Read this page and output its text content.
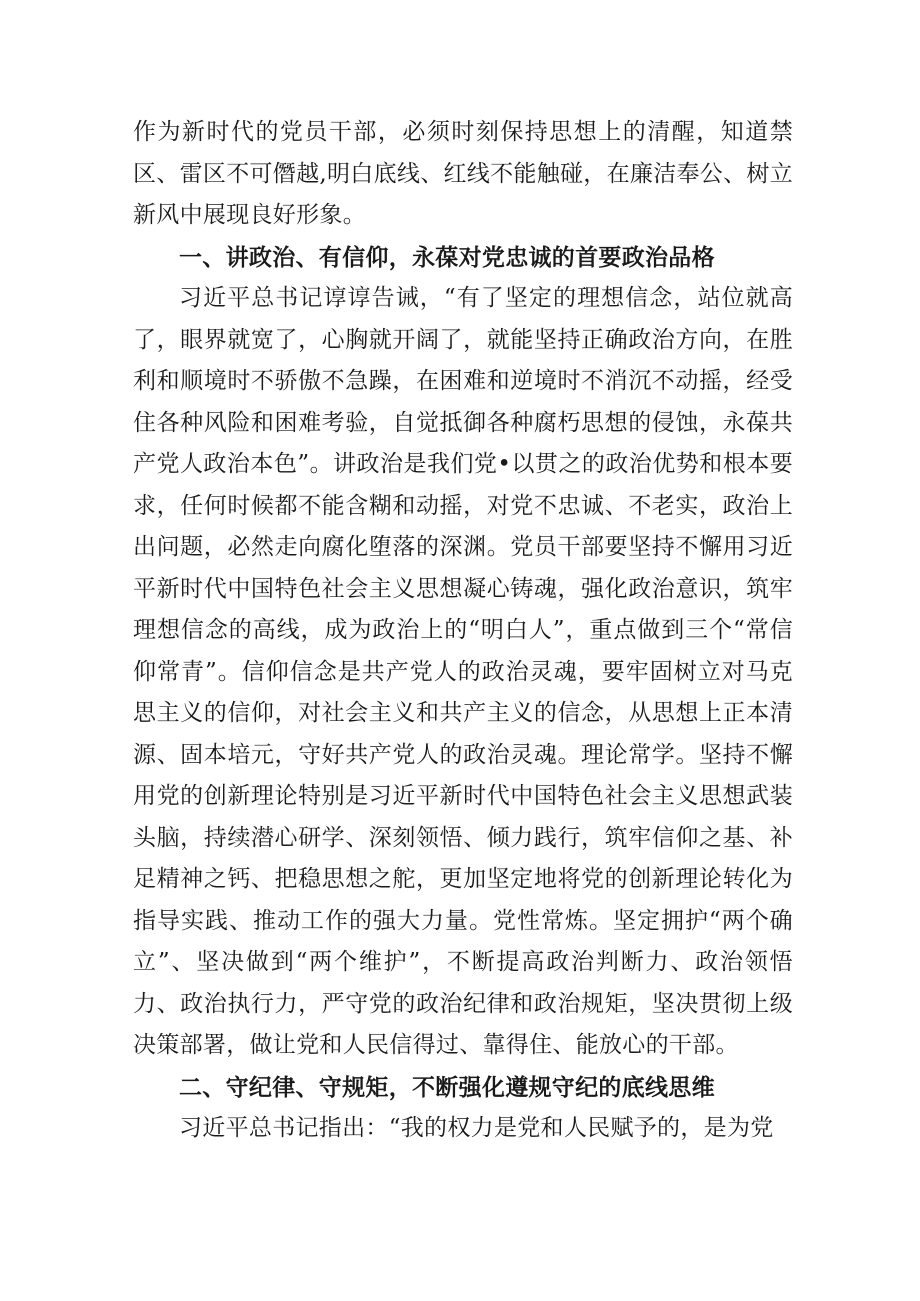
作为新时代的党员干部，必须时刻保持思想上的清醒，知道禁区、雷区不可僭越,明白底线、红线不能触碰，在廉洁奉公、树立新风中展现良好形象。

一、讲政治、有信仰，永葆对党忠诚的首要政治品格

习近平总书记谆谆告诫，“有了坚定的理想信念，站位就高了，眼界就宽了，心胸就开阔了，就能坚持正确政治方向，在胜利和顺境时不骄傲不急躁，在困难和逆境时不消沉不动摇，经受住各种风险和困难考验，自觉抵御各种腐朽思想的侵蚀，永葆共产党人政治本色”。讲政治是我们党•以贯之的政治优势和根本要求，任何时候都不能含糊和动摇，对党不忠诚、不老实，政治上出问题，必然走向腐化堕落的深渊。党员干部要坚持不懈用习近平新时代中国特色社会主义思想凝心铸魂，强化政治意识，筑牢理想信念的高线，成为政治上的“明白人”，重点做到三个“常信仰常青”。信仰信念是共产党人的政治灵魂，要牢固树立对马克思主义的信仰，对社会主义和共产主义的信念，从思想上正本清源、固本培元，守好共产党人的政治灵魂。理论常学。坚持不懈用党的创新理论特别是习近平新时代中国特色社会主义思想武装头脑，持续潜心研学、深刻领悟、倾力践行，筑牢信仰之基、补足精神之钙、把稳思想之舵，更加坚定地将党的创新理论转化为指导实践、推动工作的强大力量。党性常炼。坚定拥护“两个确立”、坚决做到“两个维护”，不断提高政治判断力、政治领悟力、政治执行力，严守党的政治纪律和政治规矩，坚决贯彻上级决策部署，做让党和人民信得过、靠得住、能放心的干部。

二、守纪律、守规矩，不断强化遵规守纪的底线思维

习近平总书记指出：“我的权力是党和人民赋予的，是为党
